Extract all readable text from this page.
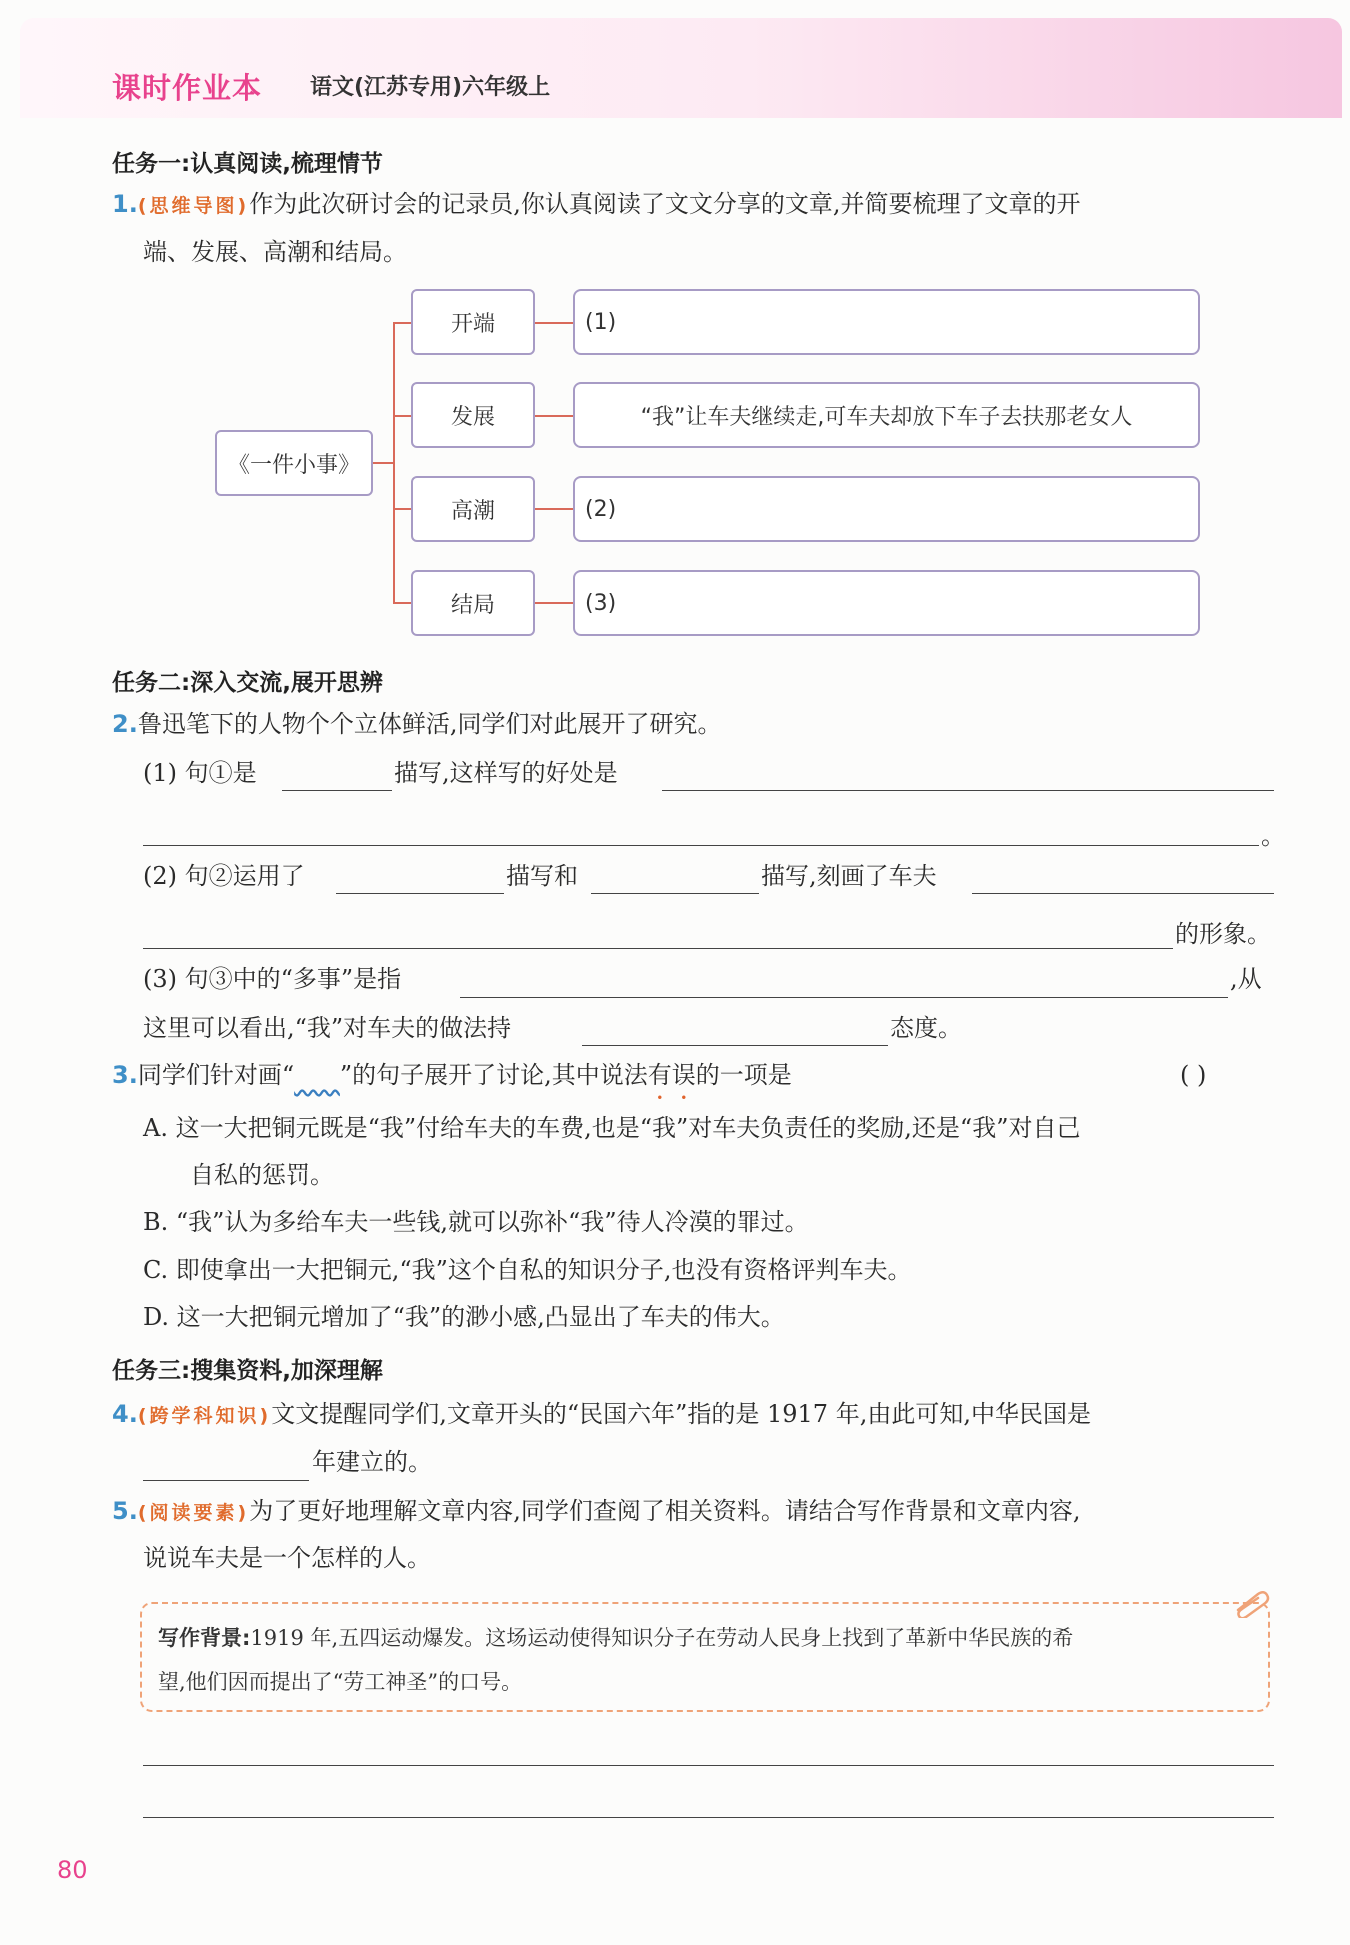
课时作业本 语文(江苏专用)六年级上
任务一:认真阅读,梳理情节
1.(思维导图)作为此次研讨会的记录员,你认真阅读了文文分享的文章,并简要梳理了文章的开
端、发展、高潮和结局。
《一件小事》
开端
发展
高潮
结局
(1)
“我”让车夫继续走,可车夫却放下车子去扶那老女人
(2)
(3)
任务二:深入交流,展开思辨
2.鲁迅笔下的人物个个立体鲜活,同学们对此展开了研究。
(1) 句①是	描写,这样写的好处是
。
(2) 句②运用了	描写和	描写,刻画了车夫
的形象。
(3) 句③中的“多事”是指	,从
这里可以看出,“我”对车夫的做法持	态度。
3.同学们针对画“ ”的句子展开了讨论,其中说法有误的一项是	( )
A. 这一大把铜元既是“我”付给车夫的车费,也是“我”对车夫负责任的奖励,还是“我”对自己
自私的惩罚。
B. “我”认为多给车夫一些钱,就可以弥补“我”待人冷漠的罪过。
C. 即使拿出一大把铜元,“我”这个自私的知识分子,也没有资格评判车夫。
D. 这一大把铜元增加了“我”的渺小感,凸显出了车夫的伟大。
任务三:搜集资料,加深理解
4.(跨学科知识)文文提醒同学们,文章开头的“民国六年”指的是 1917 年,由此可知,中华民国是
年建立的。
5.(阅读要素)为了更好地理解文章内容,同学们查阅了相关资料。请结合写作背景和文章内容,
说说车夫是一个怎样的人。
写作背景:1919 年,五四运动爆发。这场运动使得知识分子在劳动人民身上找到了革新中华民族的希
望,他们因而提出了“劳工神圣”的口号。
80
